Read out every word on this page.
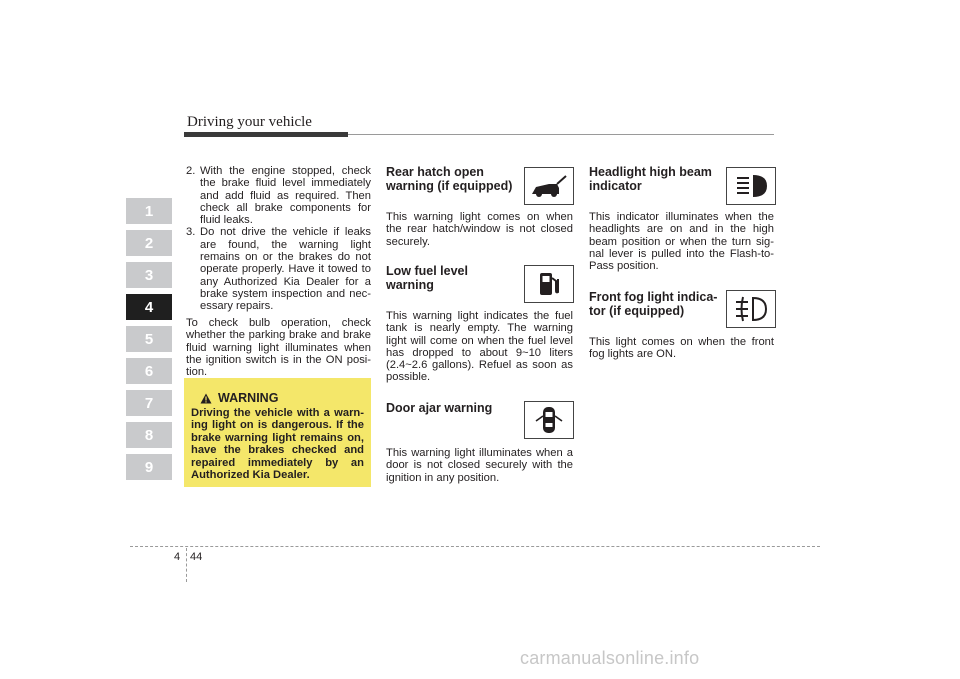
Driving your vehicle
1
2
3
4
5
6
7
8
9
2. With the engine stopped, check the brake fluid level immediately and add fluid as required. Then check all brake components for fluid leaks.
3. Do not drive the vehicle if leaks are found, the warning light remains on or the brakes do not operate properly. Have it towed to any Authorized Kia Dealer for a brake system inspection and nec-essary repairs.
To check bulb operation, check whether the parking brake and brake fluid warning light illuminates when the ignition switch is in the ON posi-tion.
WARNING
Driving the vehicle with a warn-ing light on is dangerous. If the brake warning light remains on, have the brakes checked and repaired immediately by an Authorized Kia Dealer.
Rear hatch open
warning (if equipped)
This warning light comes on when the rear hatch/window is not closed securely.
Low fuel level
warning
This warning light indicates the fuel tank is nearly empty. The warning light will come on when the fuel level has dropped to about 9~10 liters (2.4~2.6 gallons). Refuel as soon as possible.
Door ajar warning
This warning light illuminates when a door is not closed securely with the ignition in any position.
Headlight high beam
indicator
This indicator illuminates when the headlights are on and in the high beam position or when the turn sig-nal lever is pulled into the Flash-to-Pass position.
Front fog light indica-
tor (if equipped)
This light comes on when the front fog lights are ON.
4 44
carmanualsonline.info
